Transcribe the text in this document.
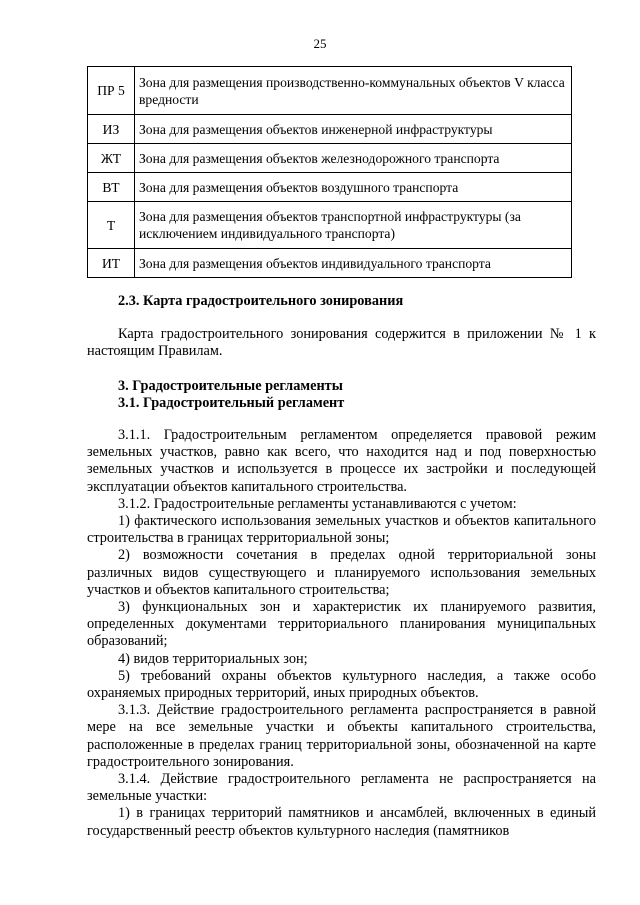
25
ПР 5	Зона для размещения производственно-коммунальных объектов V класса вредности
ИЗ	Зона для размещения объектов инженерной инфраструктуры
ЖТ	Зона для размещения объектов железнодорожного транспорта
ВТ	Зона для размещения объектов воздушного транспорта
Т	Зона для размещения объектов транспортной инфраструктуры (за исключением индивидуального транспорта)
ИТ	Зона для размещения объектов индивидуального транспорта

2.3. Карта градостроительного зонирования

Карта градостроительного зонирования содержится в приложении № 1 к настоящим Правилам.

3. Градостроительные регламенты

3.1. Градостроительный регламент

3.1.1. Градостроительным регламентом определяется правовой режим земельных участков, равно как всего, что находится над и под поверхностью земельных участков и используется в процессе их застройки и последующей эксплуатации объектов капитального строительства.

3.1.2. Градостроительные регламенты устанавливаются с учетом:

1) фактического использования земельных участков и объектов капитального строительства в границах территориальной зоны;

2) возможности сочетания в пределах одной территориальной зоны различных видов существующего и планируемого использования земельных участков и объектов капитального строительства;

3) функциональных зон и характеристик их планируемого развития, определенных документами территориального планирования муниципальных образований;

4) видов территориальных зон;

5) требований охраны объектов культурного наследия, а также особо охраняемых природных территорий, иных природных объектов.

3.1.3. Действие градостроительного регламента распространяется в равной мере на все земельные участки и объекты капитального строительства, расположенные в пределах границ территориальной зоны, обозначенной на карте градостроительного зонирования.

3.1.4. Действие градостроительного регламента не распространяется на земельные участки:

1) в границах территорий памятников и ансамблей, включенных в единый государственный реестр объектов культурного наследия (памятников
